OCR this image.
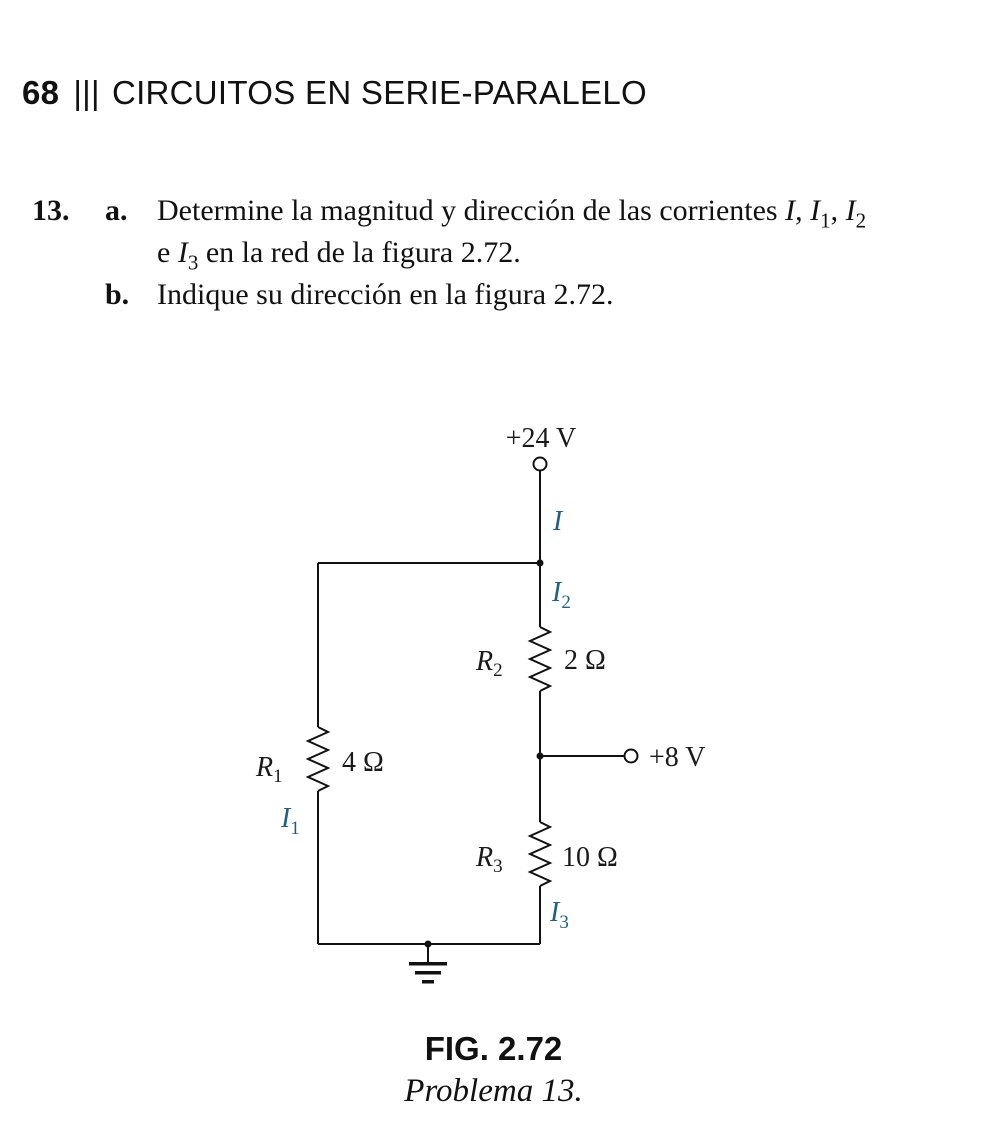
68 ||| CIRCUITOS EN SERIE-PARALELO
13. a. Determine la magnitud y dirección de las corrientes I, $I_1$, $I_2$
e $I_3$ en la red de la figura 2.72.
b. Indique su dirección en la figura 2.72.
+24 V
+8 V
$R_1$
$R_2$
$R_3$
4 Ω
2 Ω
10 Ω
I
$I_2$
$I_1$
$I_3$

FIG. 2.72

Problema 13.
